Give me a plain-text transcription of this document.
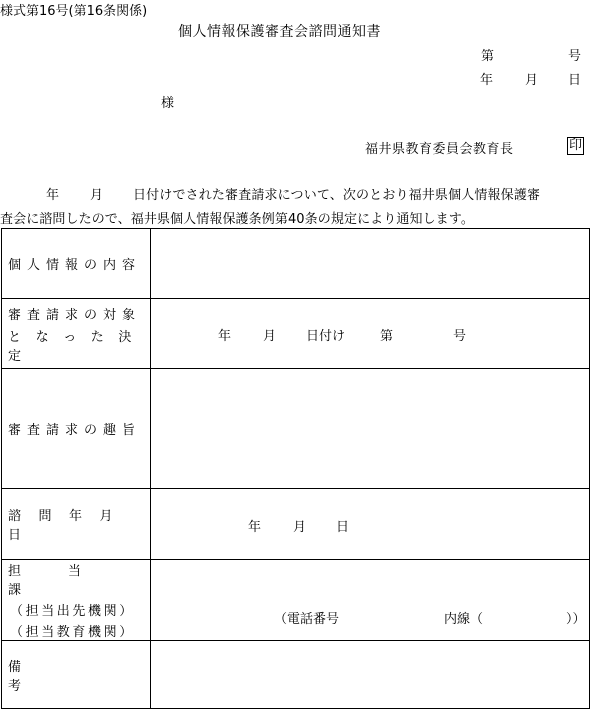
様式第16号(第16条関係)
個人情報保護審査会諮問通知書
第	号
年 月 日
様
福井県教育委員会教育長	印
年 月 日付けでされた審査請求について、次のとおり福井県個人情報保護審
査会に諮問したので、福井県個人情報保護条例第40条の規定により通知します。
個人情報の内容	

審査請求の対象
となった決定	年 月 日付け 第 号

審査請求の趣旨	

諮問年月日	年 月 日

担当課
（担当出先機関）
（担当教育機関）	（電話番号 内線（ ））

備考	
